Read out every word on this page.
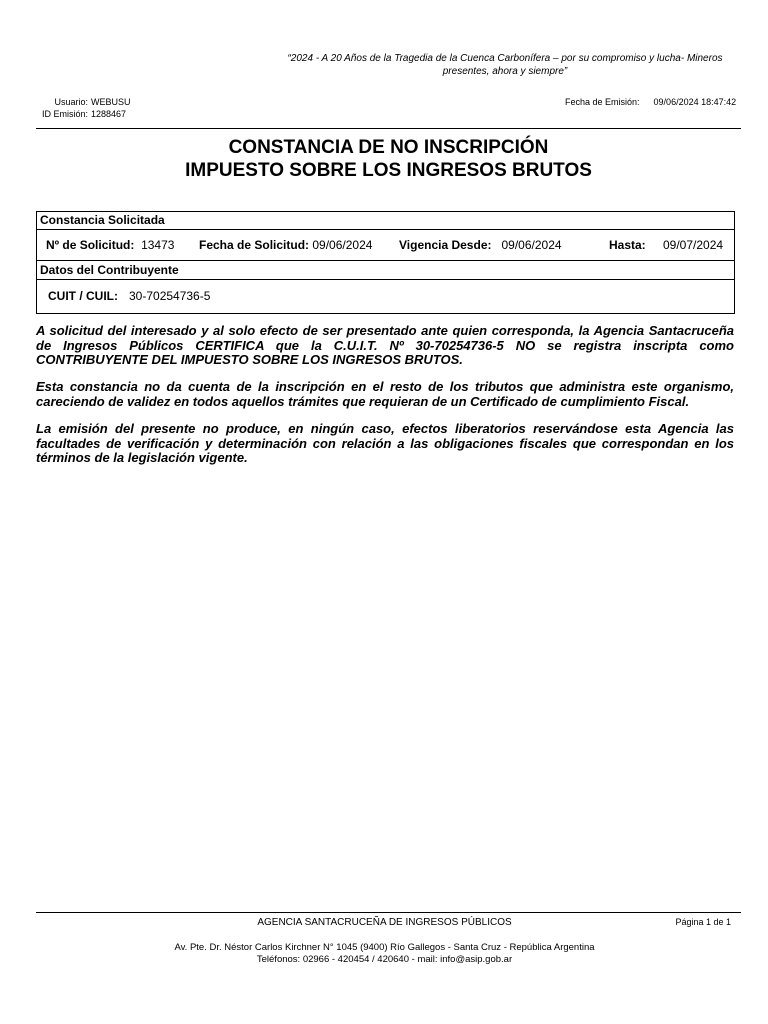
“2024 - A 20 Años de la Tragedia de la Cuenca Carbonífera – por su compromiso y lucha- Mineros
presentes, ahora y siempre”
Usuario: WEBUSU
ID Emisión: 1288467
Fecha de Emisión: 09/06/2024 18:47:42
CONSTANCIA DE NO INSCRIPCIÓN
IMPUESTO SOBRE LOS INGRESOS BRUTOS
Constancia Solicitada
Nº de Solicitud: 13473 Fecha de Solicitud: 09/06/2024 Vigencia Desde: 09/06/2024	Hasta: 09/07/2024
Datos del Contribuyente
CUIT / CUIL: 30-70254736-5
A solicitud del interesado y al solo efecto de ser presentado ante quien corresponda, la Agencia Santacruceña de Ingresos Públicos CERTIFICA que la C.U.I.T. Nº 30-70254736-5 NO se registra inscripta como CONTRIBUYENTE DEL IMPUESTO SOBRE LOS INGRESOS BRUTOS.
Esta constancia no da cuenta de la inscripción en el resto de los tributos que administra este organismo, careciendo de validez en todos aquellos trámites que requieran de un Certificado de cumplimiento Fiscal.
La emisión del presente no produce, en ningún caso, efectos liberatorios reservándose esta Agencia las facultades de verificación y determinación con relación a las obligaciones fiscales que correspondan en los términos de la legislación vigente.
AGENCIA SANTACRUCEÑA DE INGRESOS PÚBLICOS	Página 1 de 1
Av. Pte. Dr. Néstor Carlos Kirchner N° 1045 (9400) Río Gallegos - Santa Cruz - República Argentina
Teléfonos: 02966 - 420454 / 420640 - mail: info@asip.gob.ar
